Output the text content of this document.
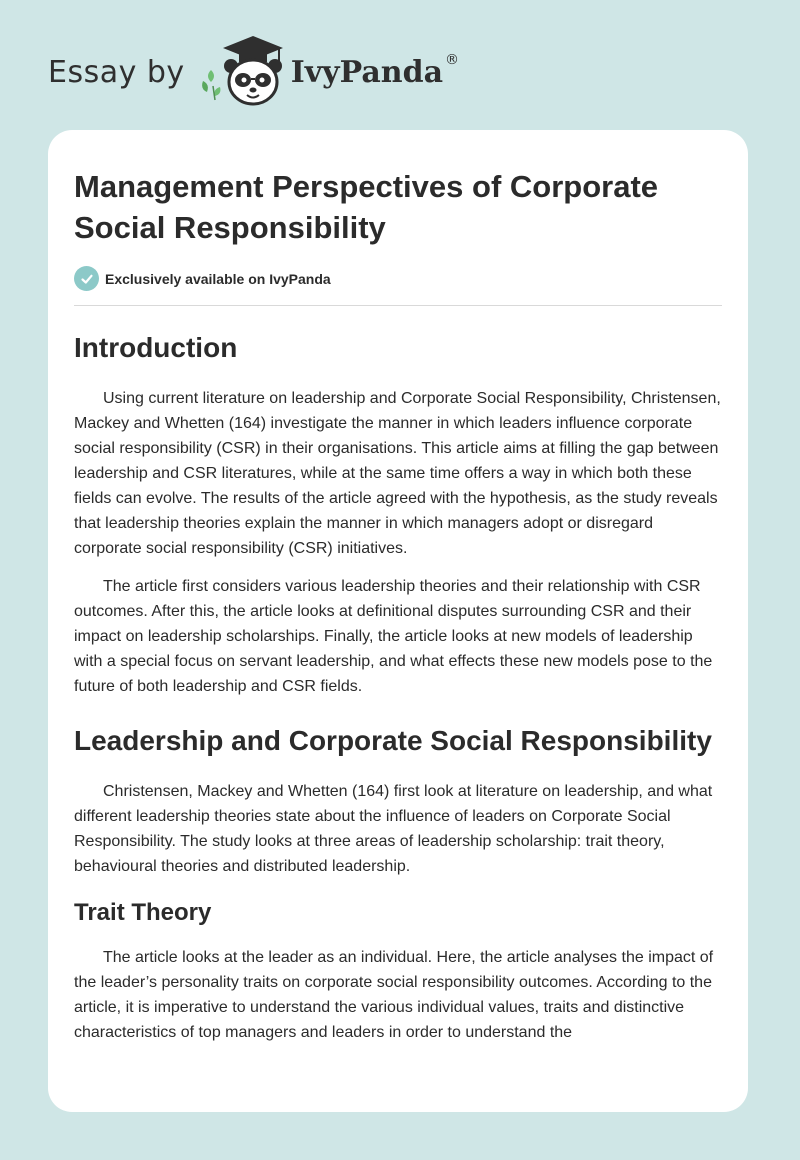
Essay by	IvyPanda ®
Management Perspectives of Corporate Social Responsibility
Exclusively available on IvyPanda
Introduction

Using current literature on leadership and Corporate Social Responsibility, Christensen, Mackey and Whetten (164) investigate the manner in which leaders influence corporate social responsibility (CSR) in their organisations. This article aims at filling the gap between leadership and CSR literatures, while at the same time offers a way in which both these fields can evolve. The results of the article agreed with the hypothesis, as the study reveals that leadership theories explain the manner in which managers adopt or disregard corporate social responsibility (CSR) initiatives.

The article first considers various leadership theories and their relationship with CSR outcomes. After this, the article looks at definitional disputes surrounding CSR and their impact on leadership scholarships. Finally, the article looks at new models of leadership with a special focus on servant leadership, and what effects these new models pose to the future of both leadership and CSR fields.

Leadership and Corporate Social Responsibility

Christensen, Mackey and Whetten (164) first look at literature on leadership, and what different leadership theories state about the influence of leaders on Corporate Social Responsibility. The study looks at three areas of leadership scholarship: trait theory, behavioural theories and distributed leadership.

Trait Theory

The article looks at the leader as an individual. Here, the article analyses the impact of the leader’s personality traits on corporate social responsibility outcomes. According to the article, it is imperative to understand the various individual values, traits and distinctive characteristics of top managers and leaders in order to understand the
